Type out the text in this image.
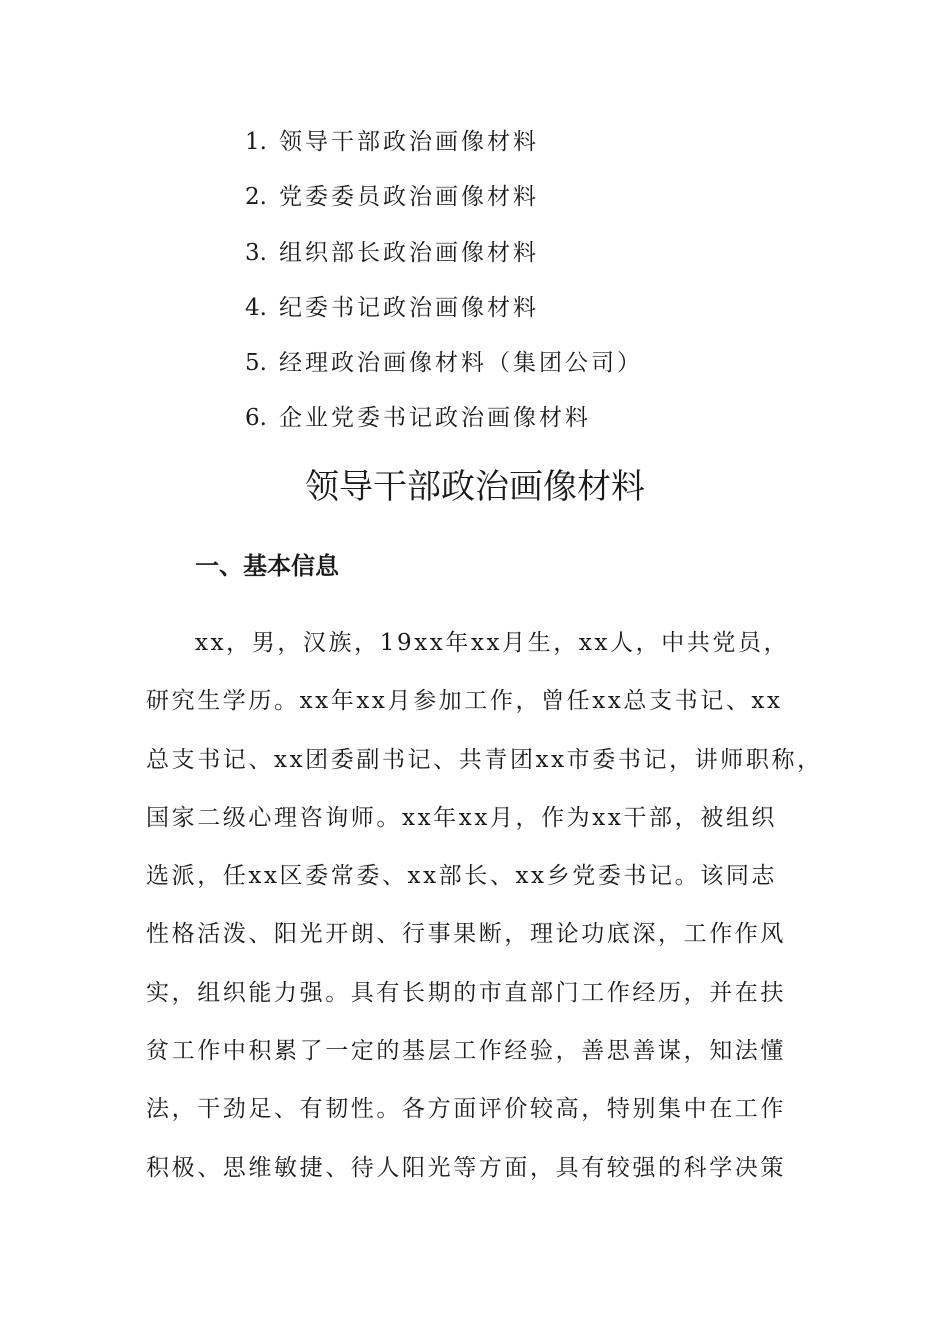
1. 领导干部政治画像材料
2. 党委委员政治画像材料
3. 组织部长政治画像材料
4. 纪委书记政治画像材料
5. 经理政治画像材料（集团公司）
6. 企业党委书记政治画像材料
领导干部政治画像材料
一、基本信息
xx，男，汉族，19xx年xx月生，xx人，中共党员，
研究生学历。xx年xx月参加工作，曾任xx总支书记、xx
总支书记、xx团委副书记、共青团xx市委书记，讲师职称，
国家二级心理咨询师。xx年xx月，作为xx干部，被组织
选派，任xx区委常委、xx部长、xx乡党委书记。该同志
性格活泼、阳光开朗、行事果断，理论功底深，工作作风
实，组织能力强。具有长期的市直部门工作经历，并在扶
贫工作中积累了一定的基层工作经验，善思善谋，知法懂
法，干劲足、有韧性。各方面评价较高，特别集中在工作
积极、思维敏捷、待人阳光等方面，具有较强的科学决策
